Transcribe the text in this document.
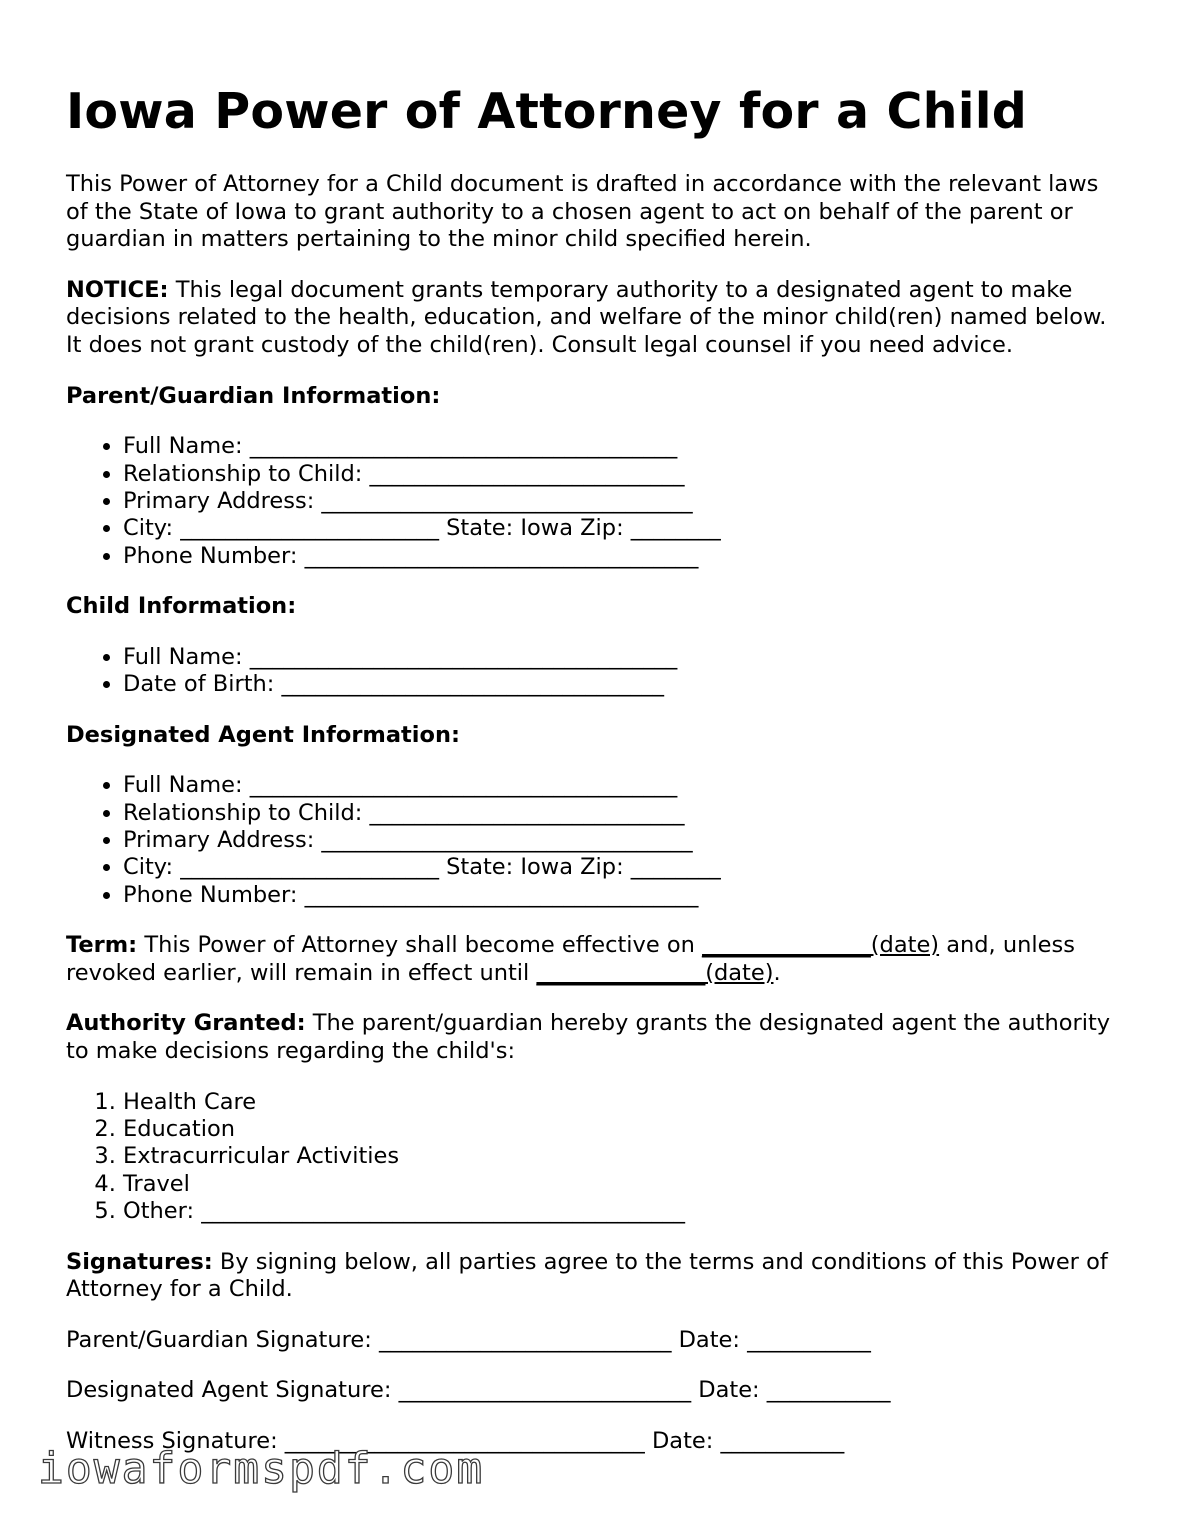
Iowa Power of Attorney for a Child

This Power of Attorney for a Child document is drafted in accordance with the relevant laws of the State of Iowa to grant authority to a chosen agent to act on behalf of the parent or guardian in matters pertaining to the minor child specified herein.

NOTICE: This legal document grants temporary authority to a designated agent to make decisions related to the health, education, and welfare of the minor child(ren) named below. It does not grant custody of the child(ren). Consult legal counsel if you need advice.

Parent/Guardian Information:
• Full Name: ______________________________________
• Relationship to Child: ____________________________
• Primary Address: _________________________________
• City: _______________________ State: Iowa Zip: ________
• Phone Number: ___________________________________
Child Information:
• Full Name: ______________________________________
• Date of Birth: __________________________________
Designated Agent Information:
• Full Name: ______________________________________
• Relationship to Child: ____________________________
• Primary Address: _________________________________
• City: _______________________ State: Iowa Zip: ________
• Phone Number: ___________________________________

Term: This Power of Attorney shall become effective on _______________(date) and, unless revoked earlier, will remain in effect until _______________(date).

Authority Granted: The parent/guardian hereby grants the designated agent the authority to make decisions regarding the child's:

1. Health Care
2. Education
3. Extracurricular Activities
4. Travel
5. Other: ___________________________________________

Signatures: By signing below, all parties agree to the terms and conditions of this Power of Attorney for a Child.

Parent/Guardian Signature: __________________________ Date: ___________

Designated Agent Signature: __________________________ Date: ___________

Witness Signature: ________________________________ Date: ___________

iowaformspdf.com
